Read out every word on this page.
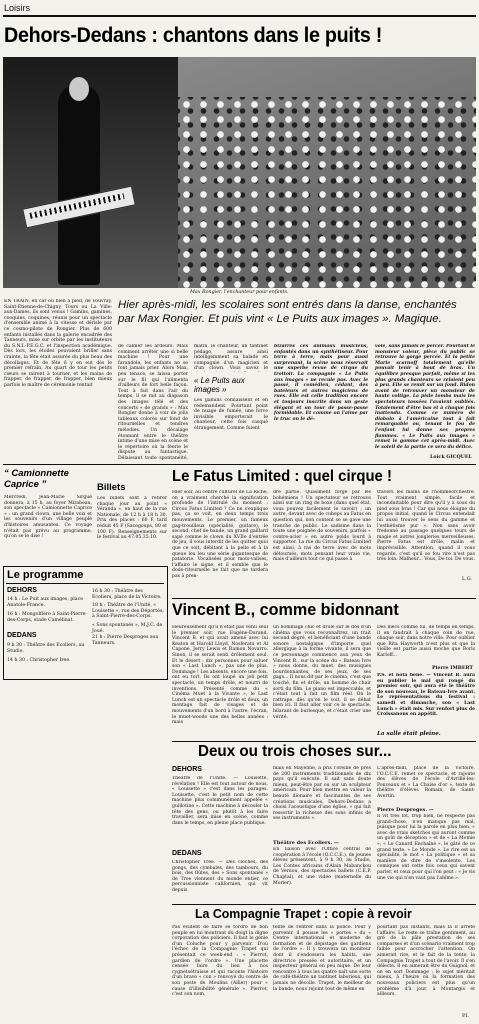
Loisirs
Dehors-Dedans : chantons dans le puits !
Max Rongier, l'enchanteur pour enfants.
EN TRAIN, en car ou bien à pied, de Vouvray, Saint-Etienne-de-Chigny, Tours ou La Ville-aux-Dames, ils sont venus ! Gamins, gamines, cooquins, coquines, réunis pour un spectacle d'ensemble animé à la vitesse et dérisle par ce cosmo-pilote de Rongier. Plus de 600 enfants installés dans la galerie encadrée des Tanneurs, mise sur orbite par les instituteurs du S.N.I.-P.E.G.C. et l'inspection académique. Dès lors, les étoiles pouvaient briller sans crainte, la fête était assurée du plus beau des décollages. Et de fête il y en eut dès le premier refrain. Au quart de tour les petits cœurs se mirent à tourner, et les mains de frapper, de frapper, de frapper, bien mieux parfois le maître de cérémonie tentait
Hier après-midi, les scolaires sont entrés dans la danse, enchantés par Max Rongier. Et puis vint « Le Puits aux images ». Magique.
de calmer les ardeurs. Mais comment arrêter une si belle machine ! Pour une farandole, les enfants ne se font jamais prier. Alors Max, peu tenace, se laissa porter sur le fil qui l'alimenta d'ailleurs de fort belle façon. Tout à fait dans l'air du temps, il se mit au diapason des images télé et des concerts « de grands » : Max Rongier donne à voir de jolis tableaux colorés sur fond de ritournelles et tendres mélodies. Un décalage étonnant entre le théâtre intime d'une mise en scène et le répertoire où la féerie le dispute au fantastique. Délaissant toute spontanéité,
matin, le chanteur, un tantinet pédago, assure ainsi intelligemment sa balade en compagnie d'un magicien et d'un clown. Vous savez le
« Le Puits aux images »
Les gamins connaissent et en redemandent. Pourtant point de nuage de fumée, une force invisible emporterait le chanteur, cette fois casqué étrangement. Comme fuient
bizarres ces animaux musiciens, enfantés dans un synthétiseur. Pour terre à terre, mais pour aussi surprenant, la scène nous réservait une superbe revue de cirque du trottoir. La compagnie « Le Puits aux images » ne recule pas. Avec le passé, il comédien, cédant, des bateleurs et autres magiciens de rues. Elle est celle tradition encore et toujours inscrite dans un geste élégant et un tour de passe-passe formidable. Et comme on l'aime par le truc on le dé-
voie, sans jamais le percer. Pourtant le monsieur voleur, pièce du public se retrouve la gorge percée. Et la petite Marie scarnoff totalement qu'elle pouvait tenir à bout de bras. Un équilibre presque parfait, même si les plus grands chanteurs se relaient peu à peu. Elle se remit sur un fond. Bidon avant de retrouver un monsieur de haute voltige. La pisle tomba mais les spectateurs tassées l'avaient oubliés. Totalement d'être bas et à chaque fois inattendu. Comme ce numéro de diabolo à l'américaine tout à fait remarquable ou, tenant le fou de l'enfant lui donne ses propres flammes. « Le Puits aux images » remet le gomme cet après-midi. Avec le soleil de la partie ce sera du délice.
Loïck GICQUEL
“ Camionnette Caprice ”
Mercredi, Jean-Marie Sirgue donnera, à 15 h, au foyer Mirabeau, son spectacle « Camionnette Caprice » : un grand clown, une belle voix et les souvenirs d'un village peuplé d'histoires amusantes. Ce voyage n'était pas prévu au programme, qu'on se le dise !
Billets
Les billets sont à retirer chaque jour au point « Véranda », en haut de la rue Nationale, de 12 h à 18 h 30. Prix des places : 60 F, tarif réduit 45 F (Sacegoups, 80 et 100 F). Renseignements sur le festival au 47.05.35.10.
Le Fatus Limited : quel cirque !
Hier soir, au centre culturel de La Riche, on a vraiment cherché la signification profonde de l'intitulé du moment : Circus Fatus Limited ? Ce ne s'explique pas, ça se voit, en deux temps trois mouvements. Le premier, un fameux gag-trouilleux (spécialité, guitare), le second, chef de bande, un grand gaillard sapé comme le clown du XVIIe d'entrée de jeu, il vous interdit de les quitter quoi que ce soit, débitant à la pelle et à la queue leu leu une série gigantesque de pataterie. Vocalisées pour mots-valises, l'affaire le signe, et il semble que le dodo-ritournelle ne fait que ne tardera pas à pren-
dre partie. Quasiment forgé par les bohémiens ! Un spectateur se retrouve ainsi sur un ring de boxe (dans quel état, vous pouvez facilement le savoir) ; un autre, devant avec de cubeps au Fatus en question qui, non content se se gave une tranche de public. Le sadisme dans la toute une poignée de souvenirs, parfois « contre-acier » en autre poids lourd à supporter. La rue du Circus Fatus Limited est ainsi, à ras de terre avec de mots détournés, mots pensant leur vraie vie, mais d'ailleurs tout ce qui passe à
travers les mains de l'hommeorchestre. Tout vraiment simple, facile et inconduitable pour dire qu'il y a sous du pied sous bras ! Car qui nous éloigne du propos initial, quand le Circus entendait lui aussi trouver le sens du gamme et l'esthétisme pur ». Non sans avoir fredonné au passage quelques tours de magie et autres jongleries merveilleuses. Pierre Fatus est drôle, malin et imprévisible. Attention, quand il vous regarde, c'est qu'il se fou rire n'est pas très loin. Malheur... Vous, De toi. De vous.
L.G.
Le programme
DEHORS
14 h : Le Puit aux images, place Anatole-France.
16 h : Mongolfière à Saint-Pierre-des-Corps, stade Camélinat.
DEDANS
9 h 30 : Théâtre des Ecoliers, au Studio.
14 h 30 : Christopher Iree.
16 h 30 : Théâtre des Ecoliers, place de la Victoire.
18 h : Théâtre de l'Unité, « Louisette », rue des Déportés, à Saint-Pierre-des-Corps.
« Sons spontanés », M.J.C. de Joué.
21 h : Pierre Desproges aux Tanneurs.
Vincent B., comme bidonnant
Heureusement qu'il n'était pas venu seul le premier soir, rue Eugène-Durand. Vincent B. et qui avait amené avec lui Keaton et Harold Lloyd, Nosferatu et Al Capone, Jerry Lewis et Ramon Novarro. Sinon, il se serait senti drôlement seul. Et le désert : dix personnes pour saluer son « Last Lunch », pas une de plus. Dommage ! Les absents, encore une fois, ont eu tort. Ils ont loupé un joli petit spectacle, un temps drôle, et nourri de inventions. Présenté comme du « Cinéma Muet à la Vivante », le Last Lunch est un spectacle drôle et doux, un montage fait de visages et de mouvements d'un bord à l'autre, l'écran, le muet-woodo une des belles années : mais
un hommage chic et drôle sur le dos d'un cinéma que vous reconnaîtrez, un trait second degré, et bénéficiant d'une bande sonore nostalgique d'importe quel allergique à la forme vivante, il sera que ce personnage commence aux yeux de Vincent B., sur la scène du « Bateau Ivre » nous donne, du muet, des musiques bourdonnantes, de ses jeux, de ses gags... Il nous dit par le cinéma, c'est que touché, fin et drôle, un homme de chair sorti du film. Le piano est impeccable, et c'était tout à fait un film réel. On le rattrape, dès qu'on le voit, il se débat bien ici. Il faut aller voir ce le spectacle, hilarant de burlesque, et c'était crier une vérité.
Des mecs comme lui, de temps en temps, il en faudrait à chaque coin de rue, chaque soir, dans notre ville. Pour oublier que Rita Hayworth n'est plus et que la vieille est partie aussi moche que Boris Karloff...
Pierre IMBERT
P.S. et nota bene. — Vincent B. aura eu publier le mal qui rongé du premier soir, qui aura été le théâtre de son nouveau, le Bateau-Ivre avant. Le représentations du festival : samedi et dimanche, son « Last Lunch » était mis. Sur renfort plus de Croissanons en appétit.
La salle était pleine.
Deux ou trois choses sur...
DEHORS
Théâtre de l'Unité. — Louisette, révélation ! Elle est tout autour de nous, « Louisette » c'est dans les parages. Louisette, c'est le petit nom de cette machine plus communément appelée « guillotine ». Cette machine à découler la tête des gens, ou plutôt à les faire travailler, sera mise en scène, comme dans le temps, en pleine place publique.
DEDANS
Christopher Tree. — Des cloches, des gongs, des cymbales, des tambours, du bois, des flûtes, des « Sons spontanés » de Tree viennent du monde entier, ce percussionniste californien, qui vit depuis
mais en Mayenne, a pris l'oreille de près de 200 instruments traditionnels de dix pays qu'il exécute. Il sait sans doute mieux, peut-être par ou sur un sculpteur américain. Pour bien mettre en valeur la beauté dionaire et fascinantes de ses créations musicales, Dehors-Dedans a choisi l'acoustique d'une église, « qui fait ressortir la richesse des sons infinis de ses instruments ».
Théâtre des Ecoliers. —
En liaison avec l'Office central de coopération à l'école (O.C.C.E.), de jeunes élèves présentent, à 9 h 30, au Studio, Les Contes africains d'Alain Mabanckou de Vernou, des spectacles ballets (C.E.P. Chaptal), et une vidéo (maternelle du Morier).
L'après-midi, place de la Victoire, l'O.C.C.E. remet ce spectacle, et rajoute des élèves de l'école d'Avrillé-les-Ponceaux et « La Chaise d'or », texte de théâtre d'élèves Romain, de Saint-Avertin.
Pierre Desproges. —
Il vit très tôt, trop bien, ne respecte pas grand-chose, n'en manque pas mal, puisque pour lui la parole en plus bien, « avec de vrais sketches qui auront comme un goût de déception » et de « La Momie », « Le Canard Enchaîné », le gâté de ce grand texte, « Le Monde ». Le rire est sa spécialité, le mot « La politique » et sa manière de dire de s'insolente. Les comiques ont cette fois ceux qui savent parler, et ceux pour qui l'on peut : « Je vis une vie qui n'en vaut pas l'abîme ».
La Compagnie Trapet : copie à revoir
Pas évident de faire se tordre de bon peuple en lui montrant du doigt la digne corporation des policiers. Il faut le génie d'un Coluche pour y parvenir. D'où l'échec de la Compagnie Trapet qui présentait ce week-end : « Pierrot, gardien de l'ordre ». Une placette censée faire du lien à nos cygnetsétraisse et qui raconte l'histoire d'un brave « con » renvoyé du centre de son poste de Moulins (Allier) pour « cause d'illisibilité générale ». Pierrot, c'est son nom,
tente de rentrer dans la police. Pour y parvenir, il pousse les « portes » du « Centre international et moderne de formation et de dépistage des gardiens de l'ordre ». Il y trouvera un moniteur dont il s'endossera les habits, une directrice pressée et autoritaire, et un inspecteur général en peu nique. De leur rencontre à tous les quatre naît une sorte de café-théâtre un tantinet laborieux, qui jamais ne décolle. Trapet, le meilleur de la bande, nous rejoint tout de même en
pourtant pas instants, mais là il arrête l'affaire. Le reste se traîne gentiment, au gré de la pâle prestation de ses comparses et d'un scénario vraiment trop faible pour accrocher l'attention. On aimerait rire, et le fait de la tente, la Compagnie Trapet a tout de l'avoir. Il s'en délecte. Il en aimerait être du Guignol, et on en sort Dommage ; le sujet méritait mieux, à l'heure où la formation des nouveaux policiers est plus qu'un problème d'à jour, à Montargis et ailleurs.
P.I.
